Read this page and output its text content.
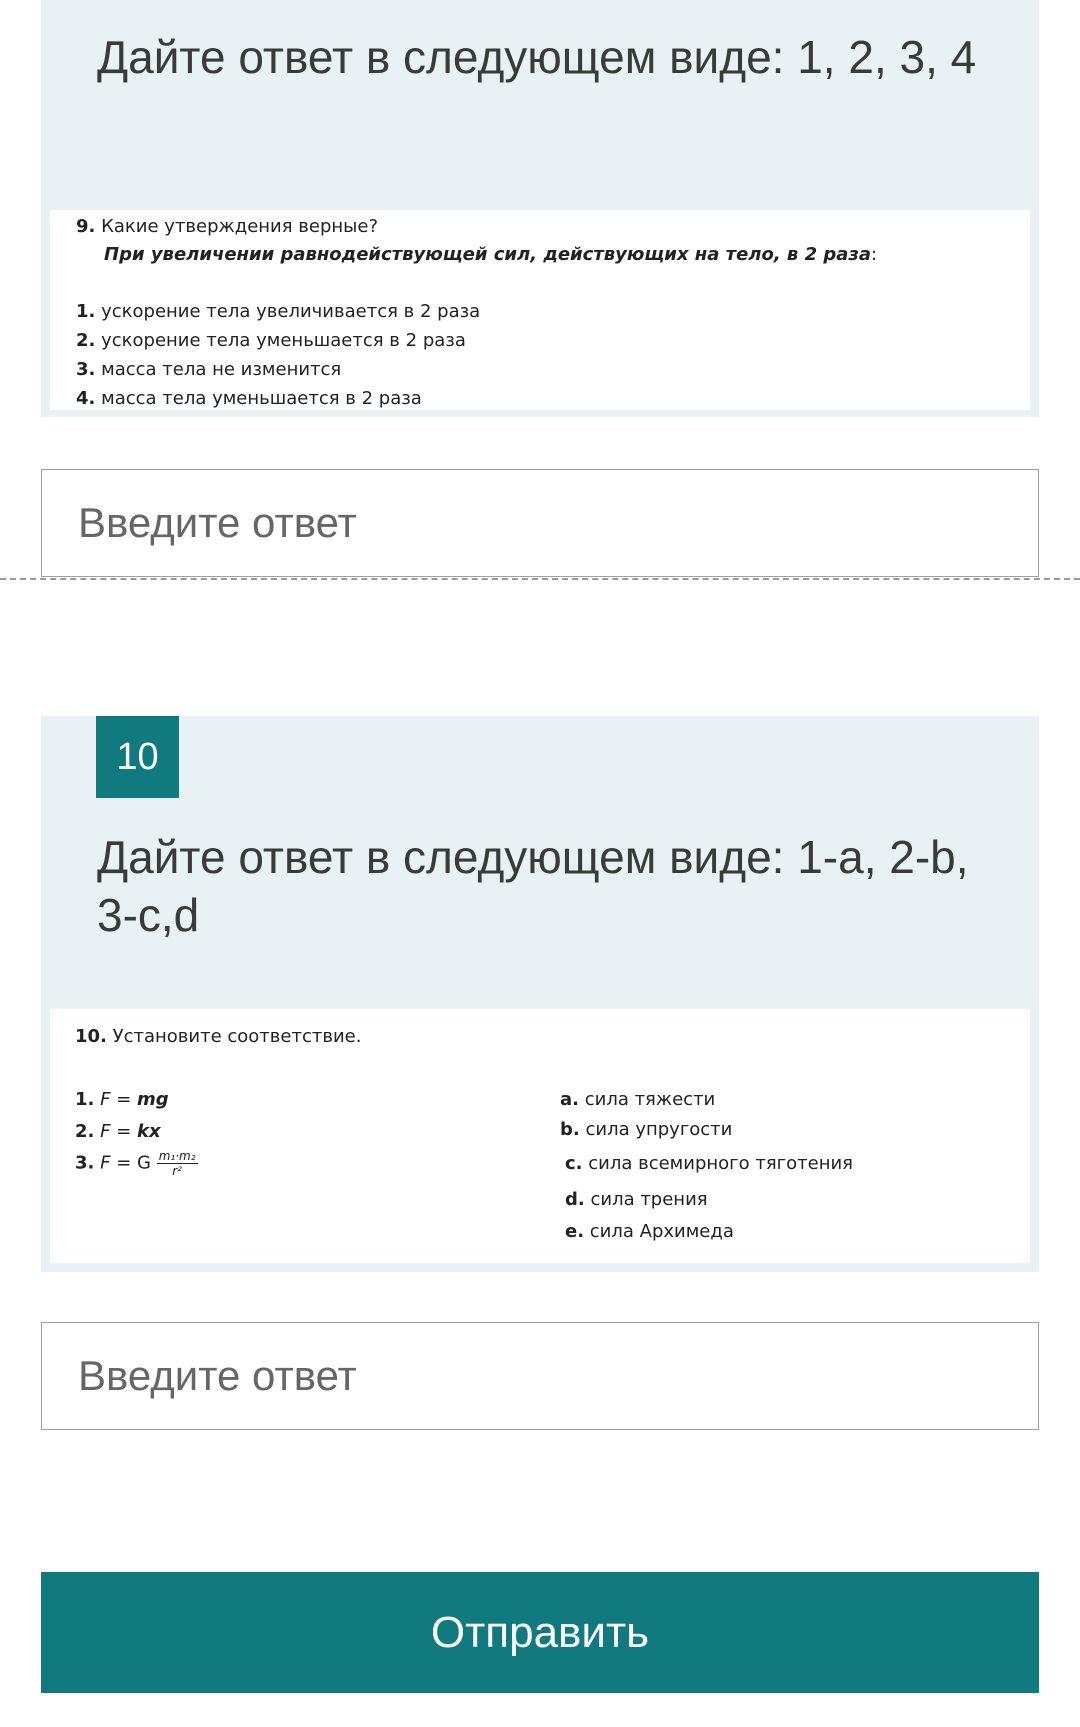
Дайте ответ в следующем виде: 1, 2, 3, 4
9. Какие утверждения верные?
При увеличении равнодействующей сил, действующих на тело, в 2 раза:
1. ускорение тела увеличивается в 2 раза
2. ускорение тела уменьшается в 2 раза
3. масса тела не изменится
4. масса тела уменьшается в 2 раза
Введите ответ
10
Дайте ответ в следующем виде: 1-a, 2-b, 3-c,d
10. Установите соответствие.
1. F = mg
2. F = kx
3. F = G $\frac{\text{m₁·m₂}}{\text{r²}}$
a. сила тяжести
b. сила упругости
c. сила всемирного тяготения
d. сила трения
e. сила Архимеда
Введите ответ
Отправить
